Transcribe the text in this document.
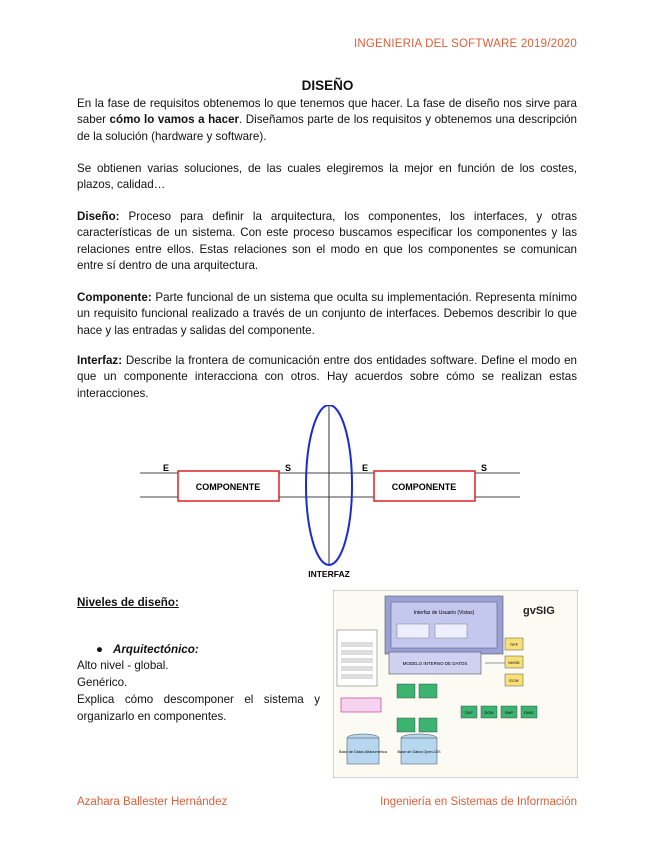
INGENIERIA DEL SOFTWARE 2019/2020
DISEÑO
En la fase de requisitos obtenemos lo que tenemos que hacer. La fase de diseño nos sirve para saber cómo lo vamos a hacer. Diseñamos parte de los requisitos y obtenemos una descripción de la solución (hardware y software).
Se obtienen varias soluciones, de las cuales elegiremos la mejor en función de los costes, plazos, calidad…
Diseño: Proceso para definir la arquitectura, los componentes, los interfaces, y otras características de un sistema. Con este proceso buscamos especificar los componentes y las relaciones entre ellos. Estas relaciones son el modo en que los componentes se comunican entre sí dentro de una arquitectura.
Componente: Parte funcional de un sistema que oculta su implementación. Representa mínimo un requisito funcional realizado a través de un conjunto de interfaces. Debemos describir lo que hace y las entradas y salidas del componente.
Interfaz: Describe la frontera de comunicación entre dos entidades software. Define el modo en que un componente interacciona con otros. Hay acuerdos sobre cómo se realizan estas interacciones.
COMPONENTE	COMPONENTE
E	S	E	S
INTERFAZ
Niveles de diseño:
● Arquitectónico:
Alto nivel - global.
Genérico.
Explica cómo descomponer el sistema y organizarlo en componentes.
Interfaz de Usuario (Vistas)	gvSIG
MODELO INTERNO DE DATOS
DXF	DGN	SHP	DWG
TIFF
MrSID
ECW
Base de Datos Alfanumérica	Base de Datos Open-GIS
Azahara Ballester Hernández	Ingeniería en Sistemas de Información
